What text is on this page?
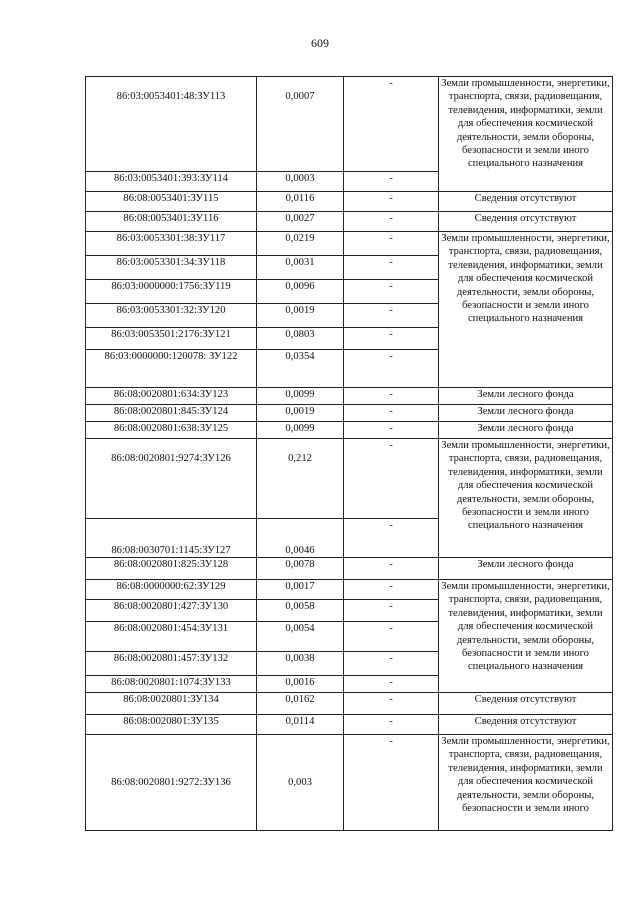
609
86:03:0053401:48:ЗУ113	0,0007	-	Земли промышленности, энергетики, транспорта, связи, радиовещания, телевидения, информатики, земли для обеспечения космической деятельности, земли обороны, безопасности и земли иного специального назначения
86:03:0053401:393:ЗУ114	0,0003	-	
86:08:0053401:ЗУ115	0,0116	-	Сведения отсутствуют
86:08:0053401:ЗУ116	0,0027	-	Сведения отсутствуют
86:03:0053301:38:ЗУ117	0,0219	-	Земли промышленности, энергетики, транспорта, связи, радиовещания, телевидения, информатики, земли для обеспечения космической деятельности, земли обороны, безопасности и земли иного специального назначения
86:03:0053301:34:ЗУ118	0,0031	-	
86:03:0000000:1756:ЗУ119	0,0096	-	
86:03:0053301:32:ЗУ120	0,0019	-	
86:03:0053501:2176:ЗУ121	0,0803	-	
86:03:0000000:120078: ЗУ122	0,0354	-	
86:08:0020801:634:ЗУ123	0,0099	-	Земли лесного фонда
86:08:0020801:845:ЗУ124	0,0019	-	Земли лесного фонда
86:08:0020801:638:ЗУ125	0,0099	-	Земли лесного фонда
86:08:0020801:9274:ЗУ126	0,212	-	Земли промышленности, энергетики, транспорта, связи, радиовещания, телевидения, информатики, земли для обеспечения космической деятельности, земли обороны, безопасности и земли иного специального назначения
86:08:0030701:1145:ЗУ127	0,0046	-	
86:08:0020801:825:ЗУ128	0,0078	-	Земли лесного фонда
86:08:0000000:62:ЗУ129	0,0017	-	Земли промышленности, энергетики, транспорта, связи, радиовещания, телевидения, информатики, земли для обеспечения космической деятельности, земли обороны, безопасности и земли иного специального назначения
86:08:0020801:427:ЗУ130	0,0058	-	
86:08:0020801:454:ЗУ131	0,0054	-	
86:08:0020801:457:ЗУ132	0,0038	-	
86:08:0020801:1074:ЗУ133	0,0016	-	
86:08:0020801:ЗУ134	0,0162	-	Сведения отсутствуют
86:08:0020801:ЗУ135	0,0114	-	Сведения отсутствуют
86:08:0020801:9272:ЗУ136	0,003	-	Земли промышленности, энергетики, транспорта, связи, радиовещания, телевидения, информатики, земли для обеспечения космической деятельности, земли обороны, безопасности и земли иного
